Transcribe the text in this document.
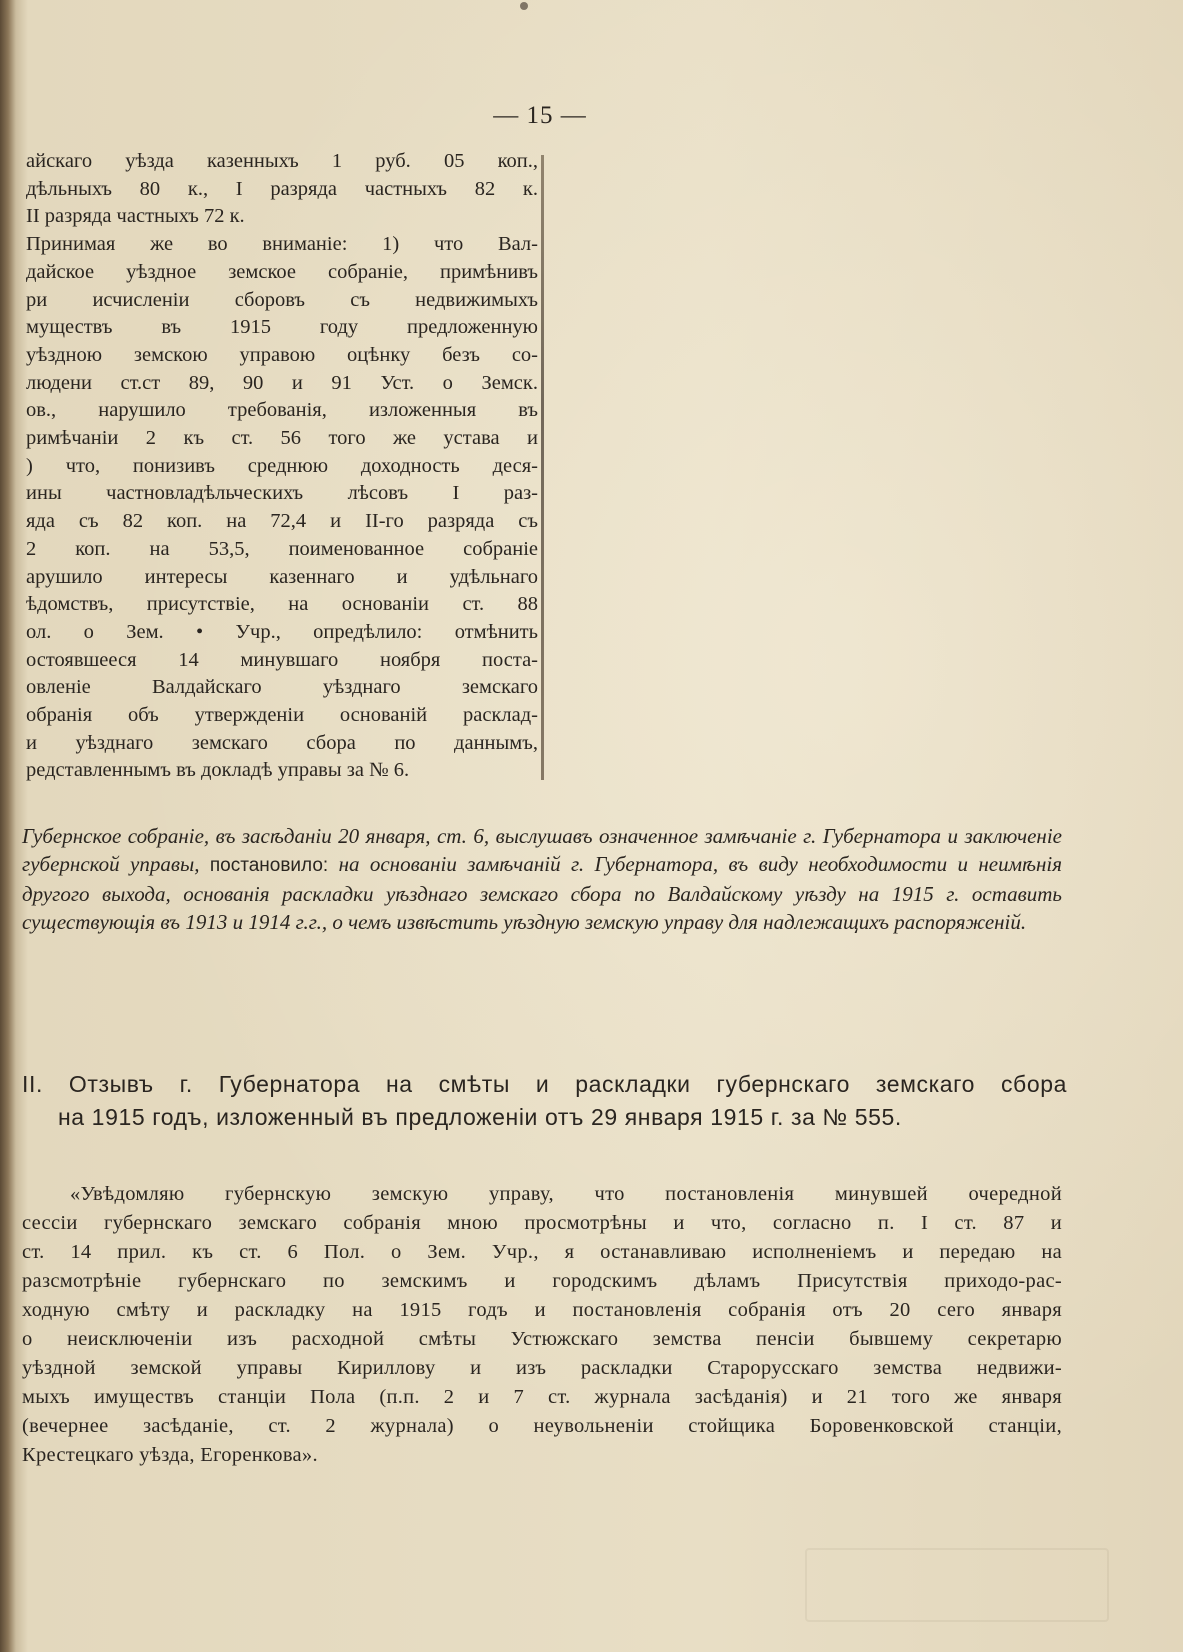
— 15 —
айскаго уѣзда казенныхъ 1 руб. 05 коп.,
дѣльныхъ 80 к., I разряда частныхъ 82 к.
II разряда частныхъ 72 к.
Принимая же во вниманіе: 1) что Вал-
дайское уѣздное земское собраніе, примѣнивъ
ри исчисленіи сборовъ съ недвижимыхъ
муществъ въ 1915 году предложенную
уѣздною земскою управою оцѣнку безъ со-
людени ст.ст 89, 90 и 91 Уст. о Земск.
ов., нарушило требованія, изложенныя въ
римѣчаніи 2 къ ст. 56 того же устава и
) что, понизивъ среднюю доходность деся-
ины частновладѣльческихъ лѣсовъ I раз-
яда съ 82 коп. на 72,4 и II-го разряда съ
2 коп. на 53,5, поименованное собраніе
арушило интересы казеннаго и удѣльнаго
ѣдомствъ, присутствіе, на основаніи ст. 88
ол. о Зем. • Учр., опредѣлило: отмѣнить
остоявшееся 14 минувшаго ноября поста-
овленіе Валдайскаго уѣзднаго земскаго
обранія объ утвержденіи основаній расклад-
и уѣзднаго земскаго сбора по даннымъ,
редставленнымъ въ докладѣ управы за № 6.
Губернское собраніе, въ засѣданіи 20 января, ст. 6, выслушавъ означенное замѣчаніе г. Губернатора и заключеніе губернской управы, постановило: на основаніи замѣчаній г. Губернатора, въ виду необходимости и неимѣнія другого выхода, основанія раскладки уѣзднаго земскаго сбора по Валдайскому уѣзду на 1915 г. оставить существующія въ 1913 и 1914 г.г., о чемъ извѣстить уѣздную земскую управу для надлежащихъ распоряженій.
II. Отзывъ г. Губернатора на смѣты и раскладки губернскаго земскаго сбора
на 1915 годъ, изложенный въ предложеніи отъ 29 января 1915 г. за № 555.
«Увѣдомляю губернскую земскую управу, что постановленія минувшей очередной
сессіи губернскаго земскаго собранія мною просмотрѣны и что, согласно п. I ст. 87 и
ст. 14 прил. къ ст. 6 Пол. о Зем. Учр., я останавливаю исполненіемъ и передаю на
разсмотрѣніе губернскаго по земскимъ и городскимъ дѣламъ Присутствія приходо-рас-
ходную смѣту и раскладку на 1915 годъ и постановленія собранія отъ 20 сего января
о неисключеніи изъ расходной смѣты Устюжскаго земства пенсіи бывшему секретарю
уѣздной земской управы Кириллову и изъ раскладки Старорусскаго земства недвижи-
мыхъ имуществъ станціи Пола (п.п. 2 и 7 ст. журнала засѣданія) и 21 того же января
(вечернее засѣданіе, ст. 2 журнала) о неувольненіи стойщика Боровенковской станціи,
Крестецкаго уѣзда, Егоренкова».
